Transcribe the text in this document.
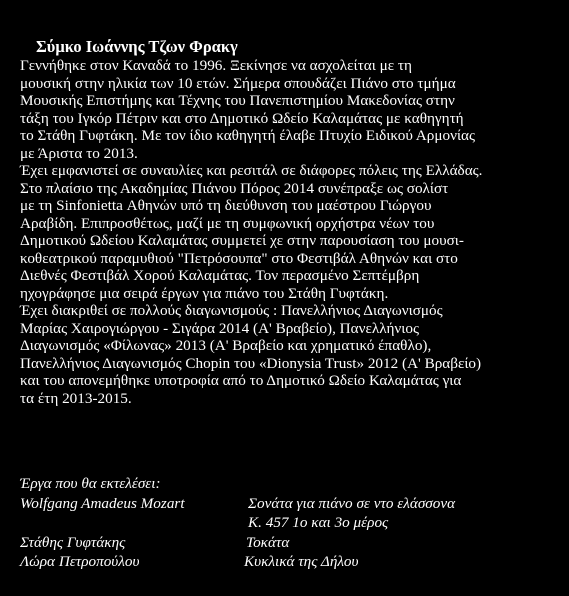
Σύμκο Ιωάννης Τζων Φρακγ
Γεννήθηκε στον Καναδά το 1996. Ξεκίνησε να ασχολείται με τη
μουσική στην ηλικία των 10 ετών. Σήμερα σπουδάζει Πιάνο στο τμήμα
Μουσικής Επιστήμης και Τέχνης του Πανεπιστημίου Μακεδονίας στην
τάξη του Ιγκόρ Πέτριν και στο Δημοτικό Ωδείο Καλαμάτας με καθηγητή
το Στάθη Γυφτάκη. Με τον ίδιο καθηγητή έλαβε Πτυχίο Ειδικού Αρμονίας
με Άριστα το 2013.
Έχει εμφανιστεί σε συναυλίες και ρεσιτάλ σε διάφορες πόλεις της Ελλάδας.
Στο πλαίσιο της Ακαδημίας Πιάνου Πόρος 2014 συνέπραξε ως σολίστ
με τη Sinfonietta Αθηνών υπό τη διεύθυνση του μαέστρου Γιώργου
Αραβίδη. Επιπροσθέτως, μαζί με τη συμφωνική ορχήστρα νέων του
Δημοτικού Ωδείου Καλαμάτας συμμετεί χε στην παρουσίαση του μουσι-
κοθεατρικού παραμυθιού "Πετρόσουπα" στο Φεστιβάλ Αθηνών και στο
Διεθνές Φεστιβάλ Χορού Καλαμάτας. Τον περασμένο Σεπτέμβρη
ηχογράφησε μια σειρά έργων για πιάνο του Στάθη Γυφτάκη.
Έχει διακριθεί σε πολλούς διαγωνισμούς : Πανελλήνιος Διαγωνισμός
Μαρίας Χαιρογιώργου - Σιγάρα 2014 (Α' Βραβείο), Πανελλήνιος
Διαγωνισμός «Φίλωνας» 2013 (Α' Βραβείο και χρηματικό έπαθλο),
Πανελλήνιος Διαγωνισμός Chopin του «Dionysia Trust» 2012 (Α' Βραβείο)
και του απονεμήθηκε υποτροφία από το Δημοτικό Ωδείο Καλαμάτας για
τα έτη 2013-2015.
Έργα που θα εκτελέσει:
Wolfgang Amadeus Mozart	Σονάτα για πιάνο σε ντο ελάσσονα
Κ. 457 1ο και 3ο μέρος
Στάθης Γυφτάκης	Τοκάτα
Λώρα Πετροπούλου	Κυκλικά της Δήλου
